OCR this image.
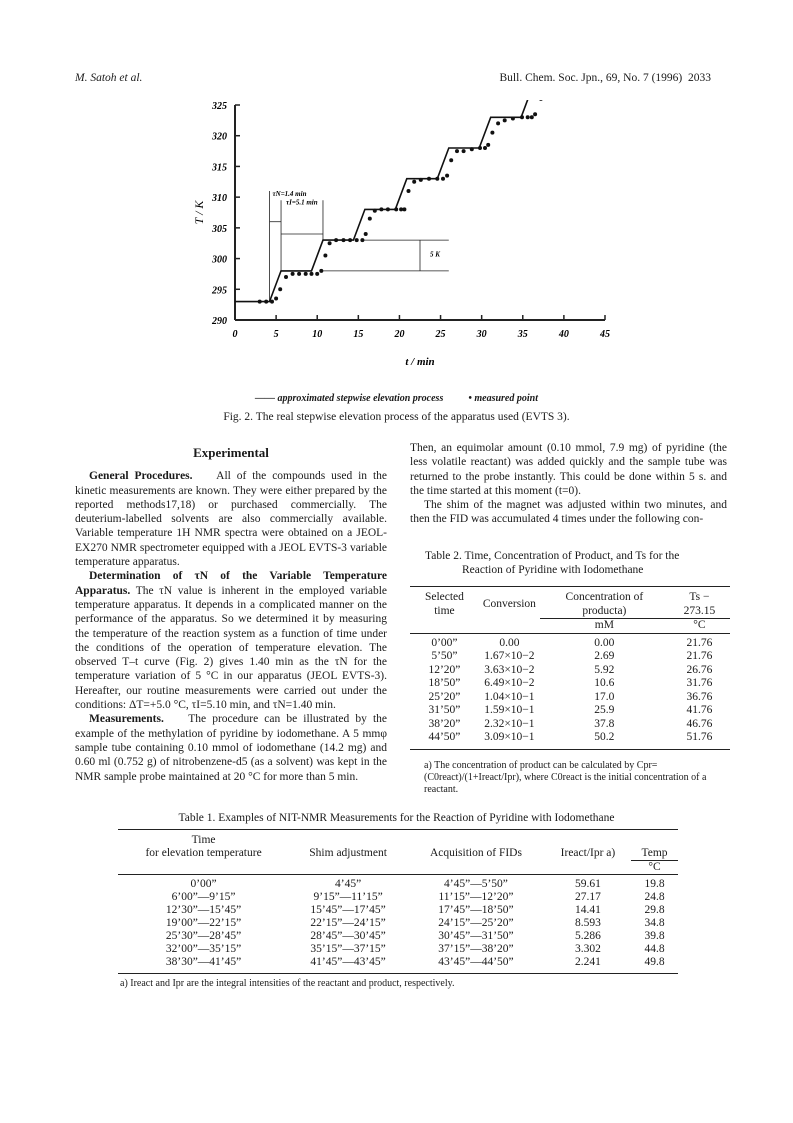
M. Satoh et al.	Bull. Chem. Soc. Jpn., 69, No. 7 (1996) 2033
290
295
300
305
310
315
320
325
0	5	10	15	20	25	30	35	40	45
t / min
T / K
τN=1.4 min
τI=5.1 min
5 K
—— approximated stepwise elevation process	• measured point
Fig. 2. The real stepwise elevation process of the apparatus used (EVTS 3).
Experimental

General Procedures. All of the compounds used in the kinetic measurements are known. They were either prepared by the reported methods17,18) or purchased commercially. The deuterium-labelled solvents are also commercially available. Variable temperature 1H NMR spectra were obtained on a JEOL-EX270 NMR spectrometer equipped with a JEOL EVTS-3 variable temperature apparatus.

Determination of τN of the Variable Temperature Apparatus. The τN value is inherent in the employed variable temperature apparatus. It depends in a complicated manner on the performance of the apparatus. So we determined it by measuring the temperature of the reaction system as a function of time under the conditions of the operation of temperature elevation. The observed T–t curve (Fig. 2) gives 1.40 min as the τN for the temperature variation of 5 °C in our apparatus (JEOL EVTS-3). Hereafter, our routine measurements were carried out under the conditions: ΔT=+5.0 °C, τI=5.10 min, and τN=1.40 min.

Measurements. The procedure can be illustrated by the example of the methylation of pyridine by iodomethane. A 5 mmφ sample tube containing 0.10 mmol of iodomethane (14.2 mg) and 0.60 ml (0.752 g) of nitrobenzene-d5 (as a solvent) was kept in the NMR sample probe maintained at 20 °C for more than 5 min.

Then, an equimolar amount (0.10 mmol, 7.9 mg) of pyridine (the less volatile reactant) was added quickly and the sample tube was returned to the probe instantly. This could be done within 5 s. and the time started at this moment (t=0).

The shim of the magnet was adjusted within two minutes, and then the FID was accumulated 4 times under the following con-

Table 2. Time, Concentration of Product, and Ts for the
Reaction of Pyridine with Iodomethane
Selected time	Conversion	Concentration of producta)	Ts − 273.15
		mM	°C
0’00”	0.00	0.00	21.76
5’50”	1.67×10−2	2.69	21.76
12’20”	3.63×10−2	5.92	26.76
18’50”	6.49×10−2	10.6	31.76
25’20”	1.04×10−1	17.0	36.76
31’50”	1.59×10−1	25.9	41.76
38’20”	2.32×10−1	37.8	46.76
44’50”	3.09×10−1	50.2	51.76
a) The concentration of product can be calculated by Cpr=(C0react)/(1+Ireact/Ipr), where C0react is the initial concentration of a reactant.
Table 1. Examples of NIT-NMR Measurements for the Reaction of Pyridine with Iodomethane
Time
for elevation temperature	Shim adjustment	Acquisition of FIDs	Ireact/Ipr a)	Temp
				°C
0’00”	4’45”	4’45”—5’50”	59.61	19.8
6’00”—9’15”	9’15”—11’15”	11’15”—12’20”	27.17	24.8
12’30”—15’45”	15’45”—17’45”	17’45”—18’50”	14.41	29.8
19’00”—22’15”	22’15”—24’15”	24’15”—25’20”	8.593	34.8
25’30”—28’45”	28’45”—30’45”	30’45”—31’50”	5.286	39.8
32’00”—35’15”	35’15”—37’15”	37’15”—38’20”	3.302	44.8
38’30”—41’45”	41’45”—43’45”	43’45”—44’50”	2.241	49.8
a) Ireact and Ipr are the integral intensities of the reactant and product, respectively.
